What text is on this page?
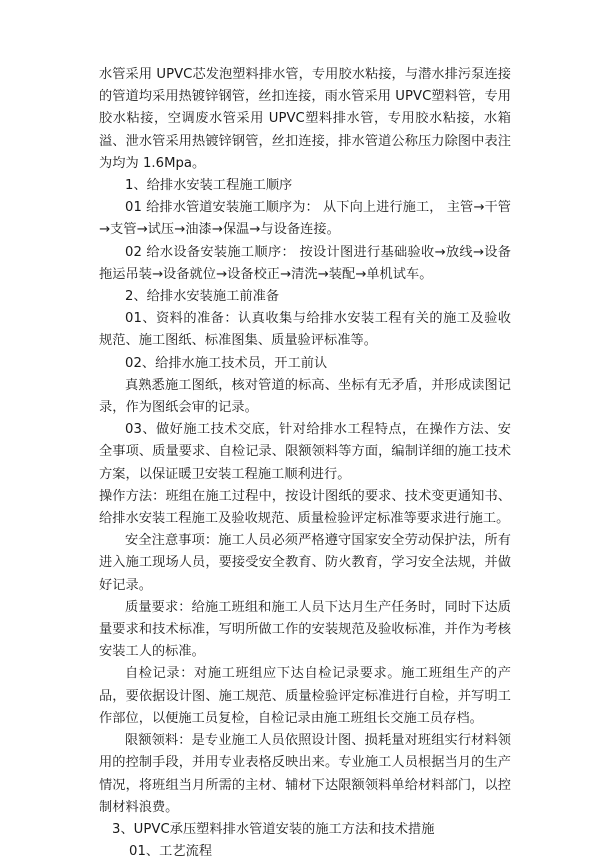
水管采用 UPVC芯发泡塑料排水管，专用胶水粘接，与潜水排污泵连接的管道均采用热镀锌钢管，丝扣连接，雨水管采用 UPVC塑料管，专用胶水粘接，空调废水管采用 UPVC塑料排水管，专用胶水粘接，水箱溢、泄水管采用热镀锌钢管，丝扣连接，排水管道公称压力除图中表注为均为 1.6Mpa。

1、给排水安装工程施工顺序

01 给排水管道安装施工顺序为： 从下向上进行施工， 主管→干管→支管→试压→油漆→保温→与设备连接。

02 给水设备安装施工顺序： 按设计图进行基础验收→放线→设备拖运吊装→设备就位→设备校正→清洗→装配→单机试车。

2、给排水安装施工前准备

01、资料的准备：认真收集与给排水安装工程有关的施工及验收规范、施工图纸、标准图集、质量验评标准等。

02、给排水施工技术员，开工前认

真熟悉施工图纸，核对管道的标高、坐标有无矛盾，并形成读图记录，作为图纸会审的记录。

03、做好施工技术交底，针对给排水工程特点，在操作方法、安全事项、质量要求、自检记录、限额领料等方面，编制详细的施工技术方案，以保证暖卫安装工程施工顺利进行。

操作方法：班组在施工过程中，按设计图纸的要求、技术变更通知书、给排水安装工程施工及验收规范、质量检验评定标准等要求进行施工。

安全注意事项：施工人员必须严格遵守国家安全劳动保护法，所有进入施工现场人员，要接受安全教育、防火教育，学习安全法规，并做好记录。

质量要求：给施工班组和施工人员下达月生产任务时，同时下达质量要求和技术标准，写明所做工作的安装规范及验收标准，并作为考核安装工人的标准。

自检记录：对施工班组应下达自检记录要求。施工班组生产的产品，要依据设计图、施工规范、质量检验评定标准进行自检，并写明工作部位，以便施工员复检，自检记录由施工班组长交施工员存档。

限额领料：是专业施工人员依照设计图、损耗量对班组实行材料领用的控制手段，并用专业表格反映出来。专业施工人员根据当月的生产情况，将班组当月所需的主材、辅材下达限额领料单给材料部门，以控制材料浪费。

3、UPVC承压塑料排水管道安装的施工方法和技术措施

01、工艺流程
